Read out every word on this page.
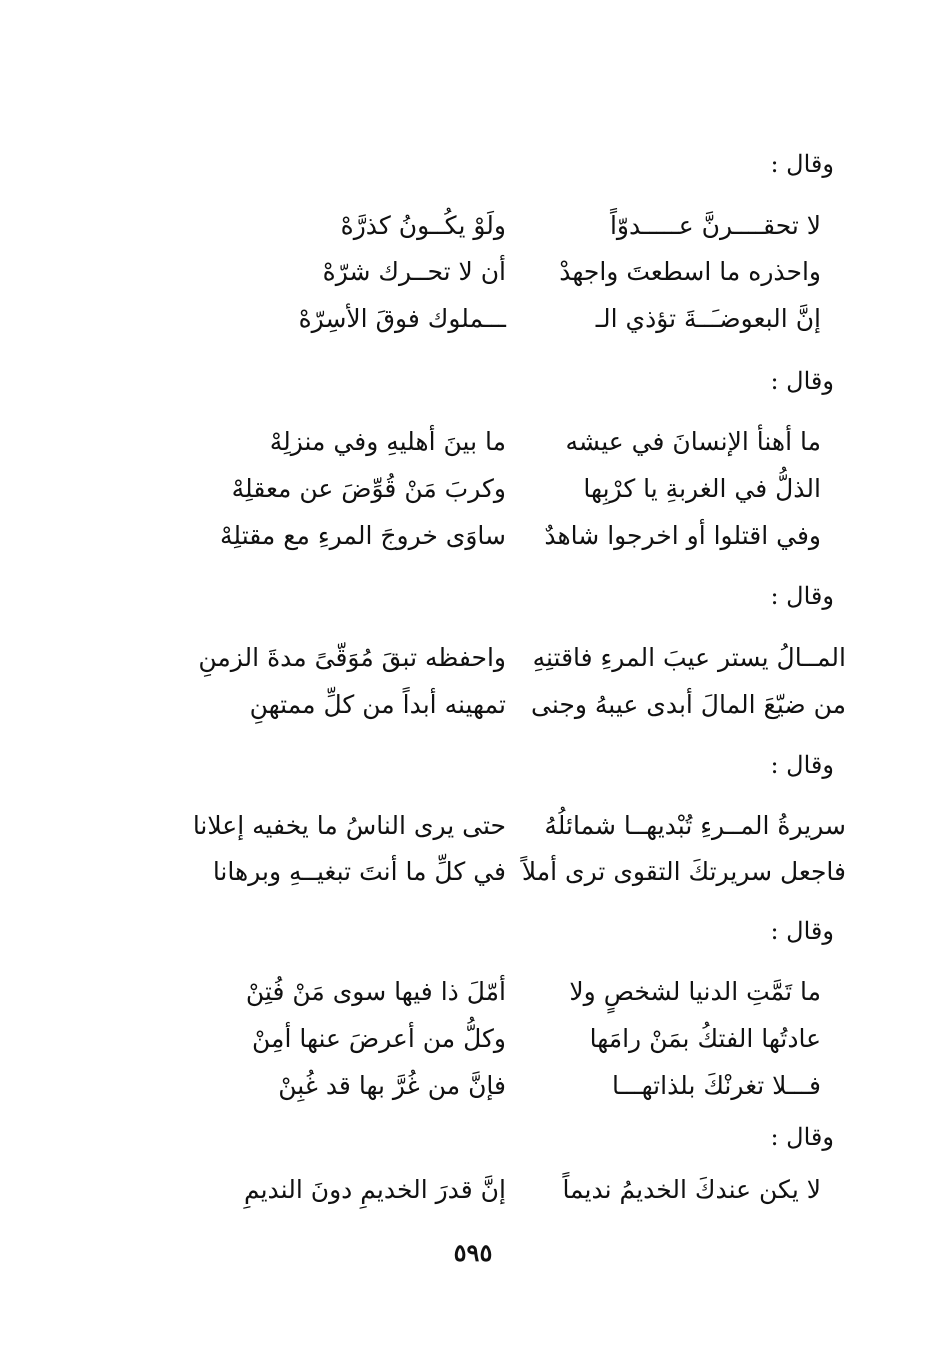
وقال :
لا تحقــــرنَّ عـــــدوّاً
ولَوْ يكُــونُ كذرَّهْ
واحذره ما اسطعتَ واجهدْ
أن لا تحــرك شرّهْ
إنَّ البعوضـَــةَ تؤذي الـ
ـــملوك فوقَ الأسِرّهْ
وقال :
ما أهنأ الإنسانَ في عيشه
ما بينَ أهليهِ وفي منزلِهْ
الذلُّ في الغربةِ يا كرْبِها
وكربَ مَنْ قُوِّضَ عن معقلِهْ
وفي اقتلوا أو اخرجوا شاهدٌ
ساوَى خروجَ المرءِ مع مقتلِهْ
وقال :
المــالُ يستر عيبَ المرءِ فاقتنِهِ
واحفظه تبقَ مُوَقّىً مدةَ الزمنِ
من ضيّعَ المالَ أبدى عيبهُ وجنى
تمهينه أبداً من كلِّ ممتهنِ
وقال :
سريرةُ المــرءِ تُبْديهــا شمائلُهُ
حتى يرى الناسُ ما يخفيه إعلانا
فاجعل سريرتكَ التقوى ترى أملاً
في كلِّ ما أنتَ تبغيــهِ وبرهانا
وقال :
ما تَمَّتِ الدنيا لشخصٍ ولا
أمّلَ ذا فيها سوى مَنْ فُتِنْ
عادتُها الفتكُ بمَنْ رامَها
وكلُّ من أعرضَ عنها أمِنْ
فـــلا تغرنْكَ بلذاتهـــا
فإنَّ من غُرَّ بها قد غُبِنْ
وقال :
لا يكن عندكَ الخديمُ نديماً
إنَّ قدرَ الخديمِ دونَ النديمِ
٥٩٥
